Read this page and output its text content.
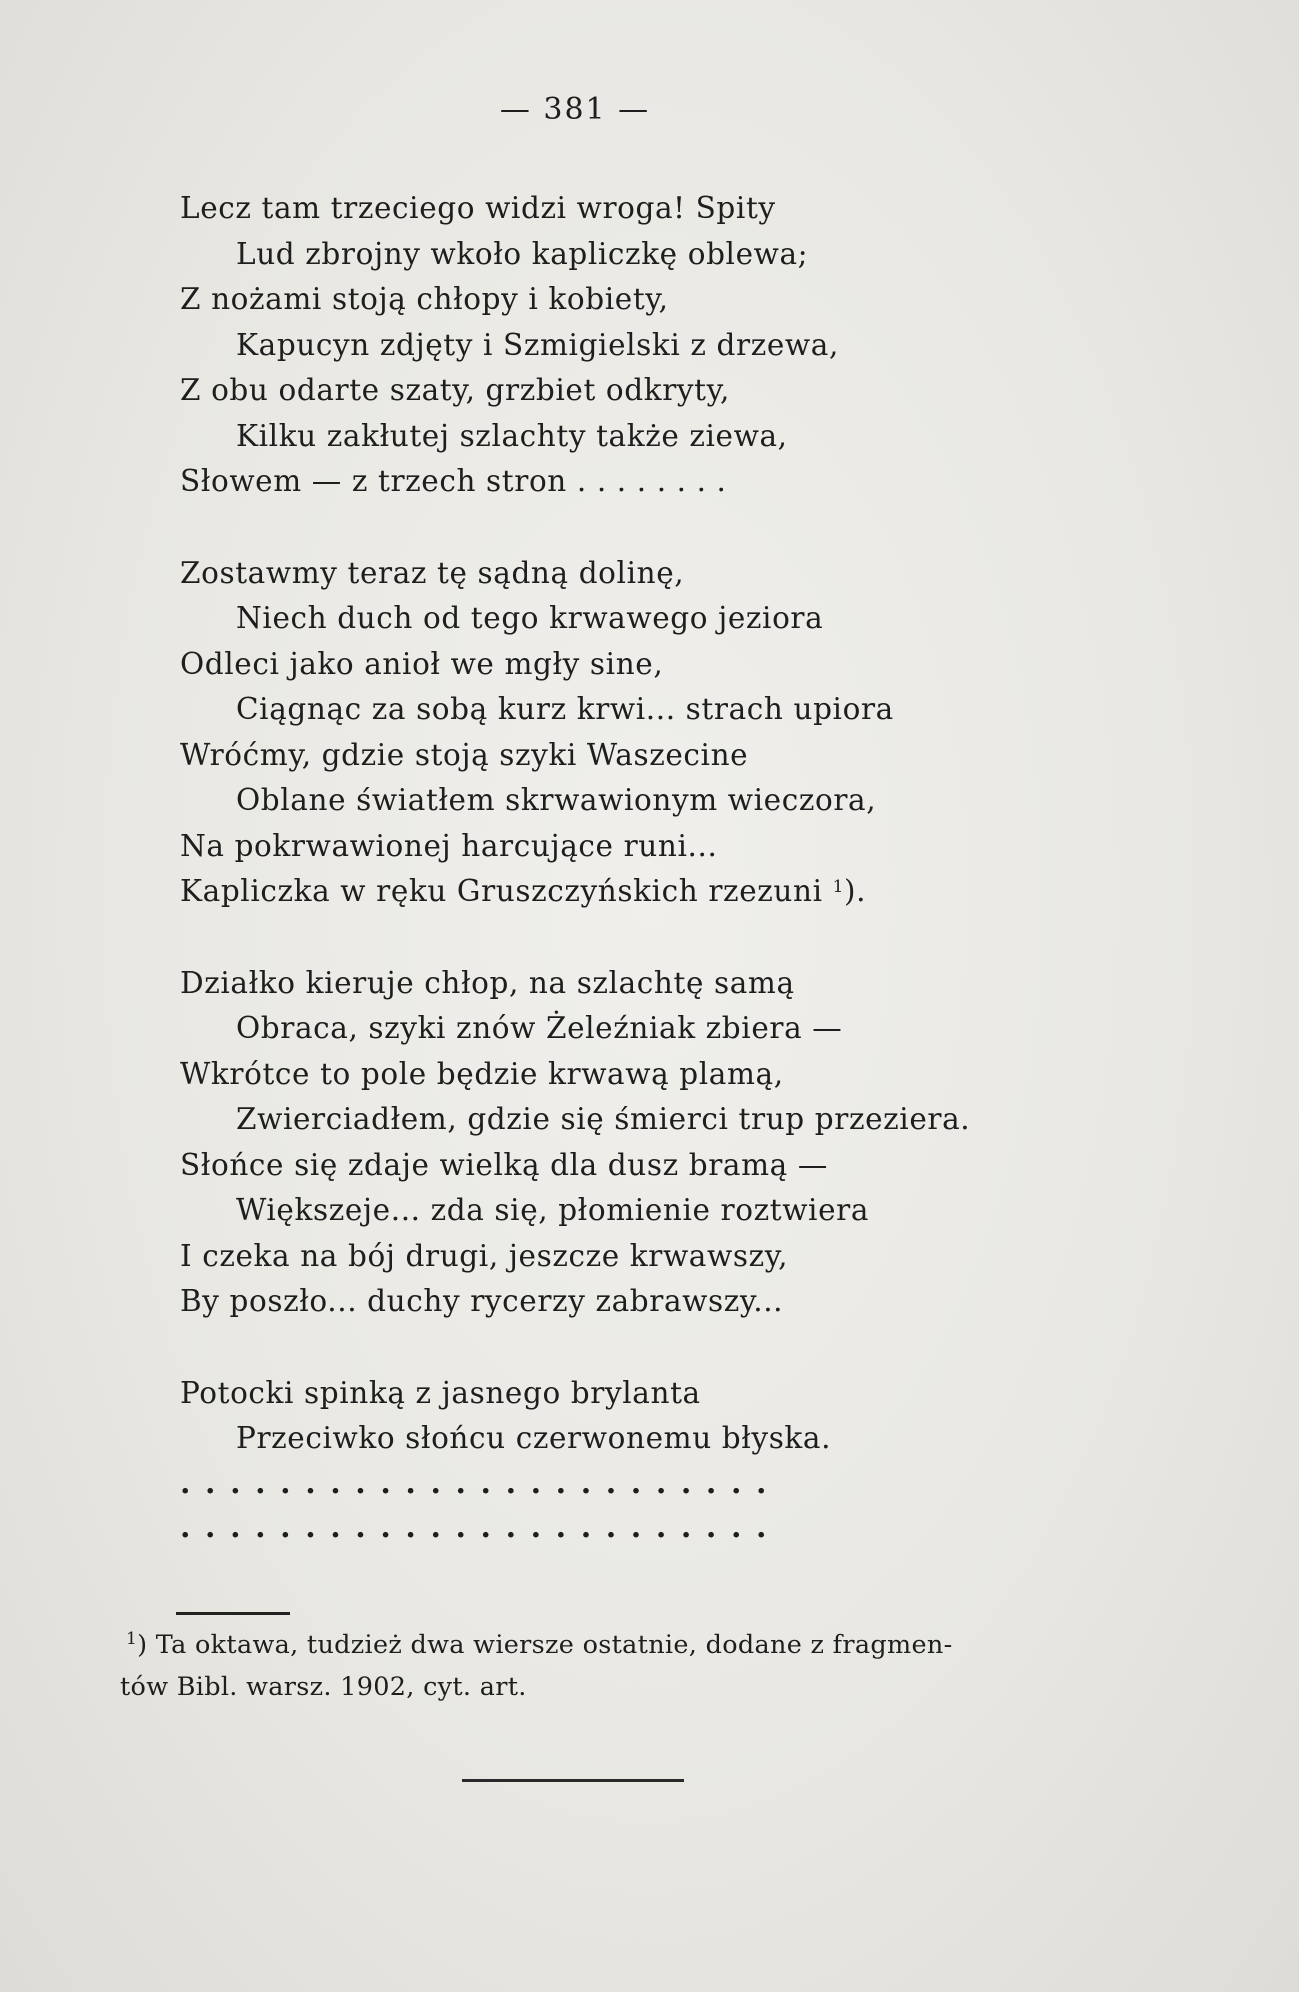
— 381 —
Lecz tam trzeciego widzi wroga! Spity
Lud zbrojny wkoło kapliczkę oblewa;
Z nożami stoją chłopy i kobiety,
Kapucyn zdjęty i Szmigielski z drzewa,
Z obu odarte szaty, grzbiet odkryty,
Kilku zakłutej szlachty także ziewa,
Słowem — z trzech stron . . . . . . . .
Zostawmy teraz tę sądną dolinę,
Niech duch od tego krwawego jeziora
Odleci jako anioł we mgły sine,
Ciągnąc za sobą kurz krwi... strach upiora
Wróćmy, gdzie stoją szyki Waszecine
Oblane światłem skrwawionym wieczora,
Na pokrwawionej harcujące runi...
Kapliczka w ręku Gruszczyńskich rzezuni $^1$).
Działko kieruje chłop, na szlachtę samą
Obraca, szyki znów Żeleźniak zbiera —
Wkrótce to pole będzie krwawą plamą,
Zwierciadłem, gdzie się śmierci trup przeziera.
Słońce się zdaje wielką dla dusz bramą —
Większeje... zda się, płomienie roztwiera
I czeka na bój drugi, jeszcze krwawszy,
By poszło... duchy rycerzy zabrawszy...
Potocki spinką z jasnego brylanta
Przeciwko słońcu czerwonemu błyska.
........................
........................
$^1$) Ta oktawa, tudzież dwa wiersze ostatnie, dodane z fragmen-
tów Bibl. warsz. 1902, cyt. art.
